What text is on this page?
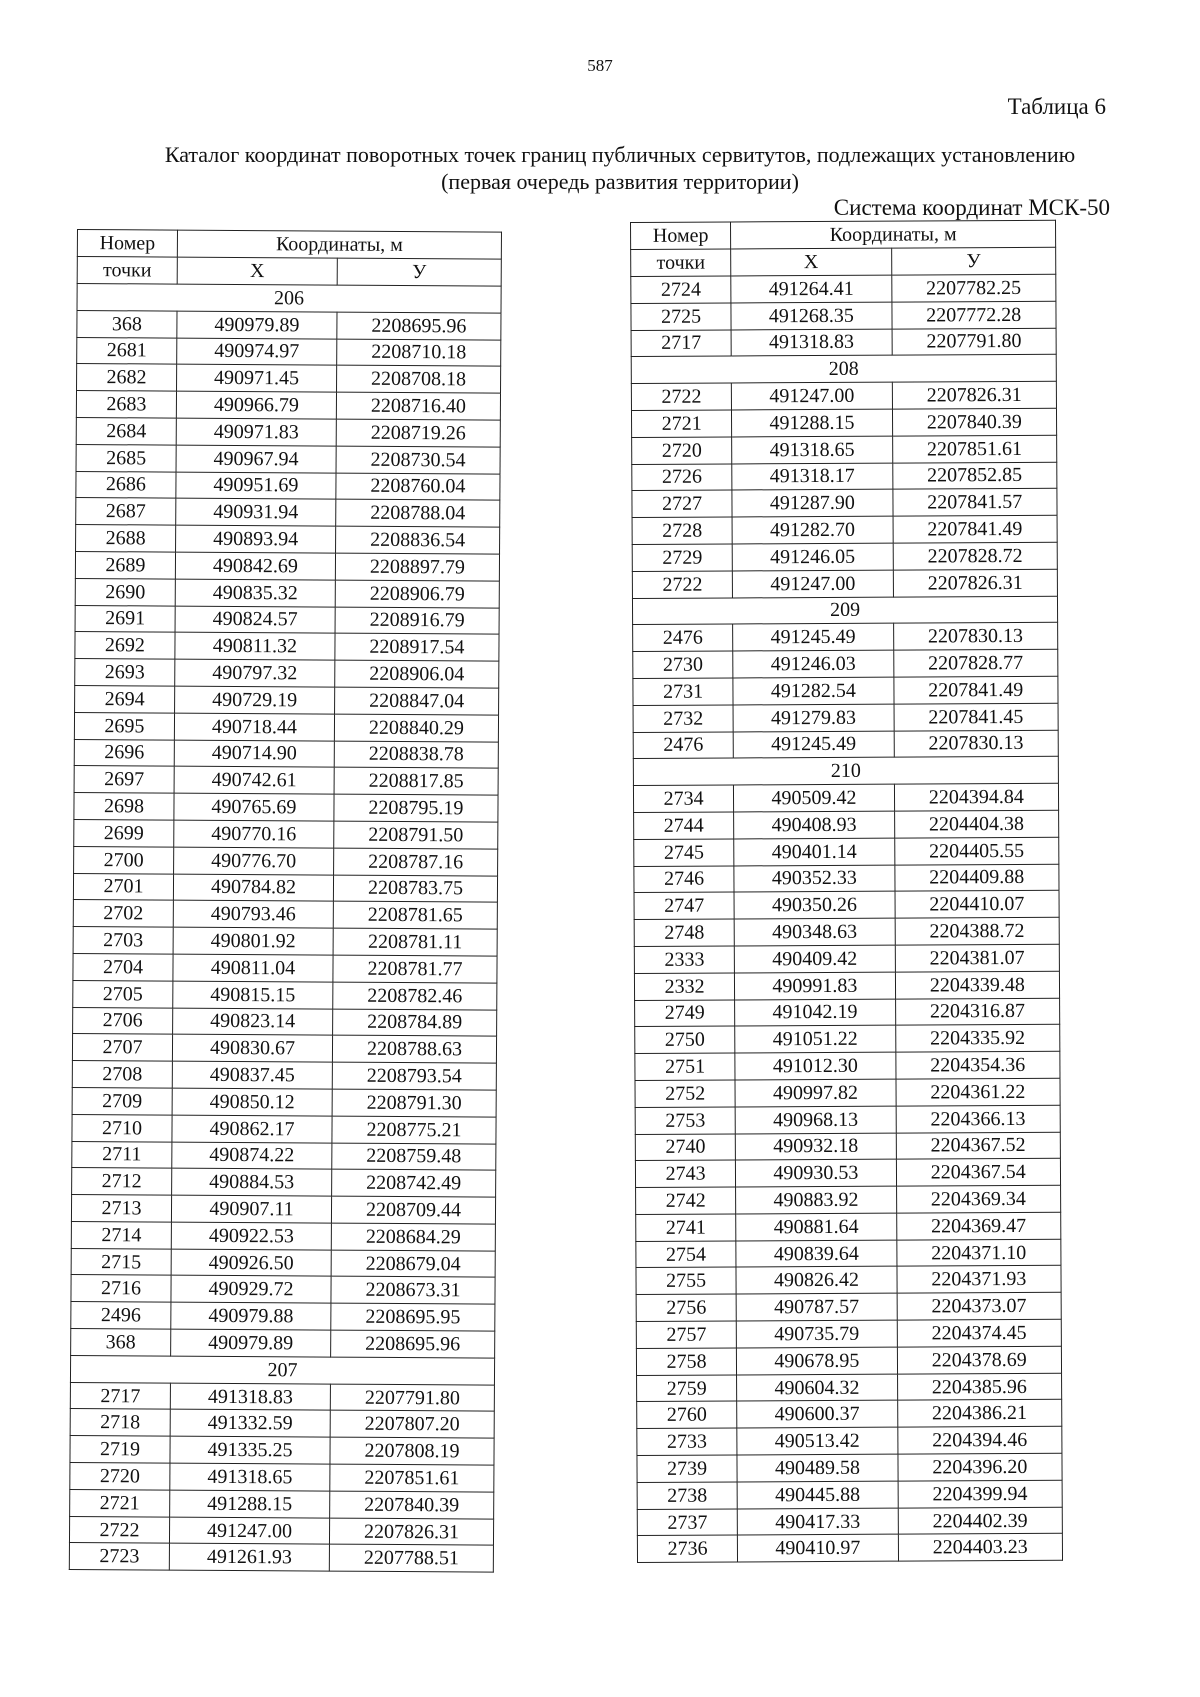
587
Таблица 6
Каталог координат поворотных точек границ публичных сервитутов, подлежащих установлению
(первая очередь развития территории)
Система координат МСК-50
Номер	Координаты, м	
точки	X	У
206		
368	490979.89	2208695.96
2681	490974.97	2208710.18
2682	490971.45	2208708.18
2683	490966.79	2208716.40
2684	490971.83	2208719.26
2685	490967.94	2208730.54
2686	490951.69	2208760.04
2687	490931.94	2208788.04
2688	490893.94	2208836.54
2689	490842.69	2208897.79
2690	490835.32	2208906.79
2691	490824.57	2208916.79
2692	490811.32	2208917.54
2693	490797.32	2208906.04
2694	490729.19	2208847.04
2695	490718.44	2208840.29
2696	490714.90	2208838.78
2697	490742.61	2208817.85
2698	490765.69	2208795.19
2699	490770.16	2208791.50
2700	490776.70	2208787.16
2701	490784.82	2208783.75
2702	490793.46	2208781.65
2703	490801.92	2208781.11
2704	490811.04	2208781.77
2705	490815.15	2208782.46
2706	490823.14	2208784.89
2707	490830.67	2208788.63
2708	490837.45	2208793.54
2709	490850.12	2208791.30
2710	490862.17	2208775.21
2711	490874.22	2208759.48
2712	490884.53	2208742.49
2713	490907.11	2208709.44
2714	490922.53	2208684.29
2715	490926.50	2208679.04
2716	490929.72	2208673.31
2496	490979.88	2208695.95
368	490979.89	2208695.96
207		
2717	491318.83	2207791.80
2718	491332.59	2207807.20
2719	491335.25	2207808.19
2720	491318.65	2207851.61
2721	491288.15	2207840.39
2722	491247.00	2207826.31
2723	491261.93	2207788.51
Номер	Координаты, м	
точки	X	У
2724	491264.41	2207782.25
2725	491268.35	2207772.28
2717	491318.83	2207791.80
208		
2722	491247.00	2207826.31
2721	491288.15	2207840.39
2720	491318.65	2207851.61
2726	491318.17	2207852.85
2727	491287.90	2207841.57
2728	491282.70	2207841.49
2729	491246.05	2207828.72
2722	491247.00	2207826.31
209		
2476	491245.49	2207830.13
2730	491246.03	2207828.77
2731	491282.54	2207841.49
2732	491279.83	2207841.45
2476	491245.49	2207830.13
210		
2734	490509.42	2204394.84
2744	490408.93	2204404.38
2745	490401.14	2204405.55
2746	490352.33	2204409.88
2747	490350.26	2204410.07
2748	490348.63	2204388.72
2333	490409.42	2204381.07
2332	490991.83	2204339.48
2749	491042.19	2204316.87
2750	491051.22	2204335.92
2751	491012.30	2204354.36
2752	490997.82	2204361.22
2753	490968.13	2204366.13
2740	490932.18	2204367.52
2743	490930.53	2204367.54
2742	490883.92	2204369.34
2741	490881.64	2204369.47
2754	490839.64	2204371.10
2755	490826.42	2204371.93
2756	490787.57	2204373.07
2757	490735.79	2204374.45
2758	490678.95	2204378.69
2759	490604.32	2204385.96
2760	490600.37	2204386.21
2733	490513.42	2204394.46
2739	490489.58	2204396.20
2738	490445.88	2204399.94
2737	490417.33	2204402.39
2736	490410.97	2204403.23
